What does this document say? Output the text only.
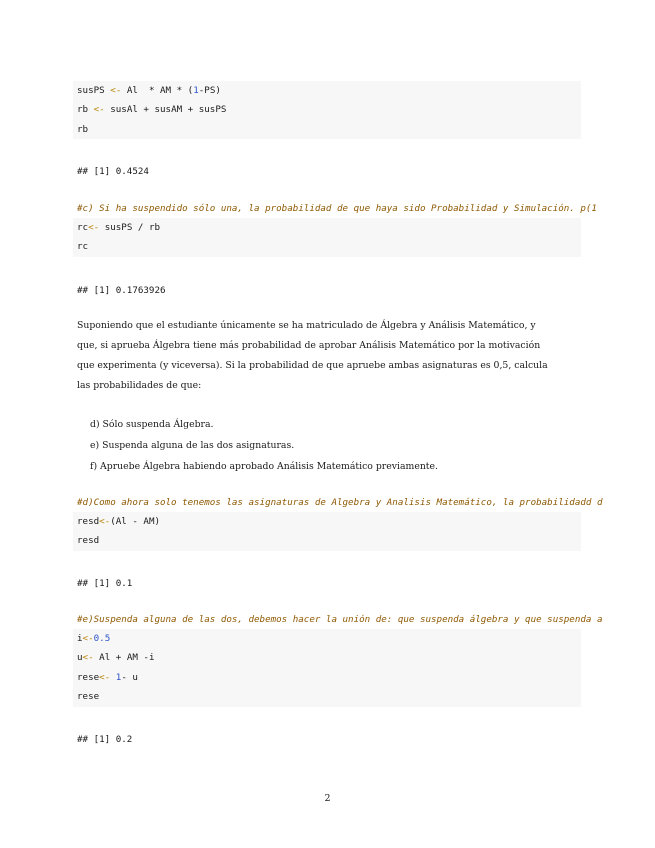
susPS <- Al  * AM * (1-PS)
rb <- susAl + susAM + susPS
rb
## [1] 0.4524
#c) Si ha suspendido sólo una, la probabilidad de que haya sido Probabilidad y Simulación. p(1
rc<- susPS / rb
rc
## [1] 0.1763926
Suponiendo que el estudiante únicamente se ha matriculado de Álgebra y Análisis Matemático, y
que, si aprueba Álgebra tiene más probabilidad de aprobar Análisis Matemático por la motivación
que experimenta (y viceversa). Si la probabilidad de que apruebe ambas asignaturas es 0,5, calcula
las probabilidades de que:
d) Sólo suspenda Álgebra.
e) Suspenda alguna de las dos asignaturas.
f) Apruebe Álgebra habiendo aprobado Análisis Matemático previamente.
#d)Como ahora solo tenemos las asignaturas de Algebra y Analisis Matemático, la probabilidadd d
resd<-(Al - AM)
resd
## [1] 0.1
#e)Suspenda alguna de las dos, debemos hacer la unión de: que suspenda álgebra y que suspenda a
i<-0.5
u<- Al + AM -i
rese<- 1- u
rese
## [1] 0.2
2
